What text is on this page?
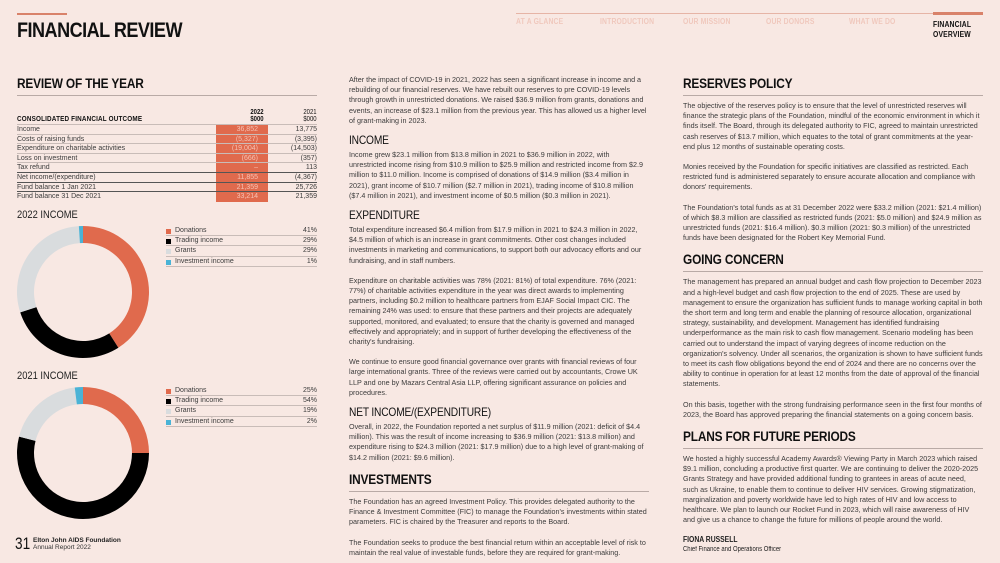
FINANCIAL REVIEW	AT A GLANCE	INTRODUCTION	OUR MISSION	OUR DONORS	WHAT WE DO	FINANCIAL OVERVIEW
REVIEW OF THE YEAR
CONSOLIDATED FINANCIAL OUTCOME
2022
$000
2021
$000
Income	36,852	13,775
Costs of raising funds	(5,327)	(3,395)
Expenditure on charitable activities	(19,004)	(14,503)
Loss on investment	(666)	(357)
Tax refund	–	113
Net income/(expenditure)	11,855	(4,367)
Fund balance 1 Jan 2021	21,359	25,726
Fund balance 31 Dec 2021	33,214	21,359
2022 INCOME
Donations	41%
Trading income	29%
Grants	29%
Investment income	1%
2021 INCOME
Donations	25%
Trading income	54%
Grants	19%
Investment income	2%

After the impact of COVID-19 in 2021, 2022 has seen a significant increase in income and a rebuilding of our financial reserves. We have rebuilt our reserves to pre COVID-19 levels through growth in unrestricted donations. We raised $36.9 million from grants, donations and events, an increase of $23.1 million from the previous year. This has allowed us a higher level of grant-making in 2023.

INCOME

Income grew $23.1 million from $13.8 million in 2021 to $36.9 million in 2022, with unrestricted income rising from $10.9 million to $25.9 million and restricted income from $2.9 million to $11.0 million. Income is comprised of donations of $14.9 million ($3.4 million in 2021), grant income of $10.7 million ($2.7 million in 2021), trading income of $10.8 million ($7.4 million in 2021), and investment income of $0.5 million ($0.3 million in 2021).

EXPENDITURE

Total expenditure increased $6.4 million from $17.9 million in 2021 to $24.3 million in 2022, $4.5 million of which is an increase in grant commitments. Other cost changes included investments in marketing and communications, to support both our advocacy efforts and our fundraising, and in staff numbers.

Expenditure on charitable activities was 78% (2021: 81%) of total expenditure. 76% (2021: 77%) of charitable activities expenditure in the year was direct awards to implementing partners, including $0.2 million to healthcare partners from EJAF Social Impact CIC. The remaining 24% was used: to ensure that these partners and their projects are adequately supported, monitored, and evaluated; to ensure that the charity is governed and managed effectively and appropriately; and in support of further developing the effectiveness of the charity's fundraising.

We continue to ensure good financial governance over grants with financial reviews of four large international grants. Three of the reviews were carried out by accountants, Crowe UK LLP and one by Mazars Central Asia LLP, offering significant assurance on policies and procedures.

NET INCOME/(EXPENDITURE)

Overall, in 2022, the Foundation reported a net surplus of $11.9 million (2021: deficit of $4.4 million). This was the result of income increasing to $36.9 million (2021: $13.8 million) and expenditure rising to $24.3 million (2021: $17.9 million) due to a high level of grant-making of $14.2 million (2021: $9.6 million).

INVESTMENTS

The Foundation has an agreed Investment Policy. This provides delegated authority to the Finance & Investment Committee (FIC) to manage the Foundation's investments within stated parameters. FIC is chaired by the Treasurer and reports to the Board.

The Foundation seeks to produce the best financial return within an acceptable level of risk to maintain the real value of investable funds, before they are required for grant-making.

RESERVES POLICY

The objective of the reserves policy is to ensure that the level of unrestricted reserves will finance the strategic plans of the Foundation, mindful of the economic environment in which it finds itself. The Board, through its delegated authority to FIC, agreed to maintain unrestricted cash reserves of $13.7 million, which equates to the total of grant commitments at the year-end plus 12 months of sustainable operating costs.

Monies received by the Foundation for specific initiatives are classified as restricted. Each restricted fund is administered separately to ensure accurate allocation and compliance with donors' requirements.

The Foundation's total funds as at 31 December 2022 were $33.2 million (2021: $21.4 million) of which $8.3 million are classified as restricted funds (2021: $5.0 million) and $24.9 million as unrestricted funds (2021: $16.4 million). $0.3 million (2021: $0.3 million) of the unrestricted funds have been designated for the Robert Key Memorial Fund.

GOING CONCERN

The management has prepared an annual budget and cash flow projection to December 2023 and a high-level budget and cash flow projection to the end of 2025. These are used by management to ensure the organization has sufficient funds to manage working capital in both the short term and long term and enable the planning of resource allocation, organizational strategy, sustainability, and development. Management has identified fundraising underperformance as the main risk to cash flow management. Scenario modeling has been carried out to understand the impact of varying degrees of income reduction on the organization's solvency. Under all scenarios, the organization is shown to have sufficient funds to meet its cash flow obligations beyond the end of 2024 and there are no concerns over the ability to continue in operation for at least 12 months from the date of approval of the financial statements.

On this basis, together with the strong fundraising performance seen in the first four months of 2023, the Board has approved preparing the financial statements on a going concern basis.

PLANS FOR FUTURE PERIODS

We hosted a highly successful Academy Awards® Viewing Party in March 2023 which raised $9.1 million, concluding a productive first quarter. We are continuing to deliver the 2020-2025 Grants Strategy and have provided additional funding to grantees in areas of acute need, such as Ukraine, to enable them to continue to deliver HIV services. Growing stigmatization, marginalization and poverty worldwide have led to high rates of HIV and low access to healthcare. We plan to launch our Rocket Fund in 2023, which will raise awareness of HIV and give us a chance to change the future for millions of people around the world.

FIONA RUSSELL
Chief Finance and Operations Officer
31 Elton John AIDS Foundation
Annual Report 2022
